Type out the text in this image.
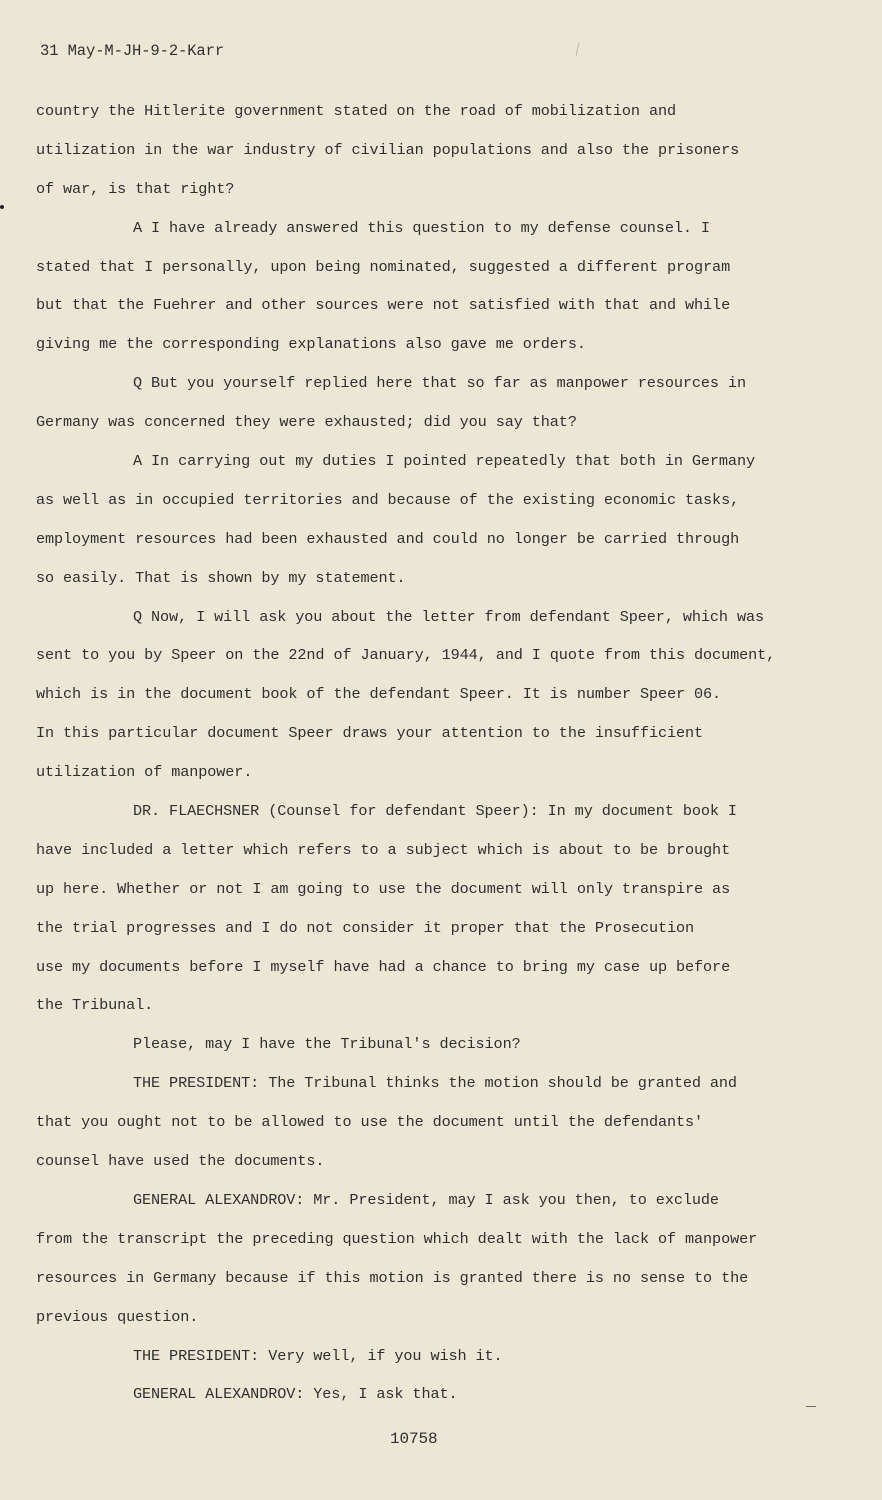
31 May-M-JH-9-2-Karr
country the Hitlerite government stated on the road of mobilization and
utilization in the war industry of civilian populations and also the prisoners
of war, is that right?
A I have already answered this question to my defense counsel. I
stated that I personally, upon being nominated, suggested a different program
but that the Fuehrer and other sources were not satisfied with that and while
giving me the corresponding explanations also gave me orders.
Q But you yourself replied here that so far as manpower resources in
Germany was concerned they were exhausted; did you say that?
A In carrying out my duties I pointed repeatedly that both in Germany
as well as in occupied territories and because of the existing economic tasks,
employment resources had been exhausted and could no longer be carried through
so easily. That is shown by my statement.
Q Now, I will ask you about the letter from defendant Speer, which was
sent to you by Speer on the 22nd of January, 1944, and I quote from this document,
which is in the document book of the defendant Speer. It is number Speer 06.
In this particular document Speer draws your attention to the insufficient
utilization of manpower.
DR. FLAECHSNER (Counsel for defendant Speer): In my document book I
have included a letter which refers to a subject which is about to be brought
up here. Whether or not I am going to use the document will only transpire as
the trial progresses and I do not consider it proper that the Prosecution
use my documents before I myself have had a chance to bring my case up before
the Tribunal.
Please, may I have the Tribunal's decision?
THE PRESIDENT: The Tribunal thinks the motion should be granted and
that you ought not to be allowed to use the document until the defendants'
counsel have used the documents.
GENERAL ALEXANDROV: Mr. President, may I ask you then, to exclude
from the transcript the preceding question which dealt with the lack of manpower
resources in Germany because if this motion is granted there is no sense to the
previous question.
THE PRESIDENT: Very well, if you wish it.
GENERAL ALEXANDROV: Yes, I ask that.
10758
